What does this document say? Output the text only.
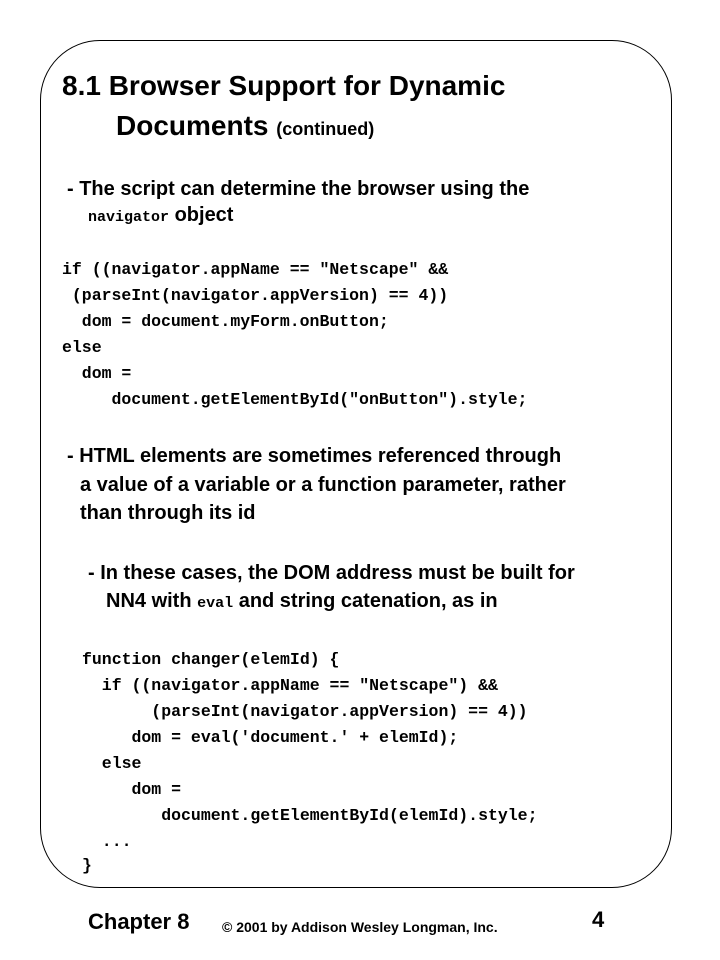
8.1 Browser Support for Dynamic
Documents (continued)
- The script can determine the browser using the
navigator object
if ((navigator.appName == "Netscape" &&
(parseInt(navigator.appVersion) == 4))
dom = document.myForm.onButton;
else
dom =
document.getElementById("onButton").style;
- HTML elements are sometimes referenced through
a value of a variable or a function parameter, rather
than through its id
- In these cases, the DOM address must be built for
NN4 with eval and string catenation, as in
function changer(elemId) {
if ((navigator.appName == "Netscape") &&
(parseInt(navigator.appVersion) == 4))
dom = eval('document.' + elemId);
else
dom =
document.getElementById(elemId).style;
...
}
Chapter 8 © 2001 by Addison Wesley Longman, Inc.	4
